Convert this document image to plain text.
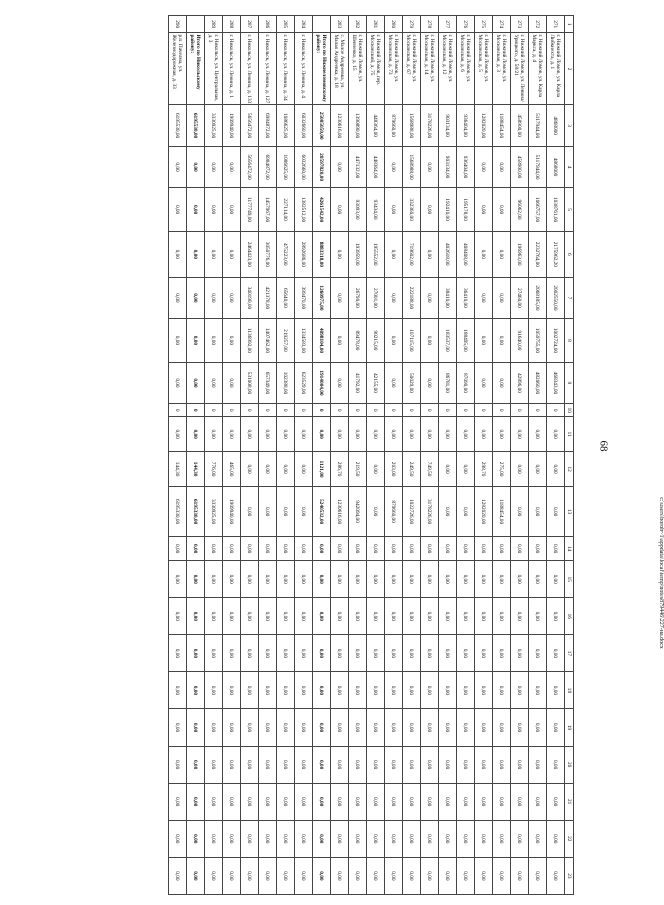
68
c:\users\borob~1\appdata\local\temp\notes879446\227-на.docx
1	2	3	4	5	6	7	8	9	10	11	12	13	14	15	16	17	18	19	20	21	22	23
271	г. Нижний Ломов, ул. Карла Либкнехта, д. 1	4868000	4868000	1038761,00	2175962,20	2002550,00	1002724,00	468343,00	0	0,00	0,00	0,00	0,00	0,00	0,00	0,00	0,00	0,00	0,00	0,00	0,00	0,00
272	г. Нижний Ломов, ул. Карла Маркса, д. 4	5117944,00	5117944,00	1066757,00	2232764,00	2068185,00	1059755,00	482060,00	0	0,00	0,00	0,00	0,00	0,00	0,00	0,00	0,00	0,00	0,00	0,00	0,00	0,00
273	г. Нижний Ломов, ул. Ленина/Урицкого, д. 58/21	458900,00	458900,00	96062,00	196963,00	27460,00	91640,00	42896,00	0	0,00	0,00	0,00	0,00	0,00	0,00	0,00	0,00	0,00	0,00	0,00	0,00	0,00
274	г. Нижний Ломов, ул. Московская, д. 3	1188454,00	0,00	0,00	0,00	0,00	0,00	0,00	0	0,00	275,00	1188454,00	0,00	0,00	0,00	0,00	0,00	0,00	0,00	0,00	0,00	0,00
275	г. Нижний Ломов, ул. Московская, д. 5	1282020,00	0,00	0,00	0,00	0,00	0,00	0,00	0	0,00	298,70	1282020,00	0,00	0,00	0,00	0,00	0,00	0,00	0,00	0,00	0,00	0,00
276	г. Нижний Ломов, ул. Московская, д. 6	936404,00	936404,00	195178,00	408408,00	36410,00	188495,00	87090,00	0	0,00	0,00	0,00	0,00	0,00	0,00	0,00	0,00	0,00	0,00	0,00	0,00	0,00
277	г. Нижний Ломов, ул. Московская, д. 12	903134,00	903134,00	192410,00	402618,00	38410,00	183537,00	86781,00	0	0,00	0,00	0,00	0,00	0,00	0,00	0,00	0,00	0,00	0,00	0,00	0,00	0,00
278	г. Нижний Ломов, ул. Московская, д. 14	3178226,00	0,00	0,00	0,00	0,00	0,00	0,00	0	0,00	749,50	3178226,00	0,00	0,00	0,00	0,00	0,00	0,00	0,00	0,00	0,00	0,00
279	г. Нижний Ломов, ул. Московская, д. 67	1568988,00	1568988,00	332360,00	719602,00	222188,00	107115,00	50029,00	0	0,00	249,50	1022726,00	0,00	0,00	0,00	0,00	0,00	0,00	0,00	0,00	0,00	0,00
280	г. Нижний Ломов, ул. Московская, д. 73	879660,00	0,00	0,00	0,00	0,00	0,00	0,00	0	0,00	203,00	879660,00	0,00	0,00	0,00	0,00	0,00	0,00	0,00	0,00	0,00	0,00
281	г. Нижний Ломов, пер. Московский, д. 75	448364,00	448364,00	93434,00	195552,00	27001,00	90215,00	42155,00	0	0,00	0,00	0,00	0,00	0,00	0,00	0,00	0,00	0,00	0,00	0,00	0,00	0,00
282	г. Нижний Ломов, ул. Шевченко, д. 15	1390890,00	447132,00	93093,00	193959,00	26790,00	89478,00	41792,00	0	0,00	219,50	942094,00	0,00	0,00	0,00	0,00	0,00	0,00	0,00	0,00	0,00	0,00
283	с. Малое Андреевка, ул. Малая Андреевка, д. 18	1230616,00	0,00	0,00	0,00	0,00	0,00	0,00	0	0,00	286,70	1230616,00	0,00	0,00	0,00	0,00	0,00	0,00	0,00	0,00	0,00	0,00
	Итого по Нижнеломовскому району:	25005050,00	20597820,00	4261542,00	8883318,00	1260975,00	4098104,00	1914004,00	0	0,00	1121,00	5240532,00	0,00	0,00	0,00	0,00	0,00	0,00	0,00	0,00	0,00	0,00
284	г. Никольск, ул. Ленина, д. 4	6032660,00	6032660,00	1382512,00	2892686,00	399470,00	1334583,00	623529,00	0	0,00	0,00	0,00	0,00	0,00	0,00	0,00	0,00	0,00	0,00	0,00	0,00	0,00
285	г. Никольск, ул. Ленина, д. 34	1086625,00	1086625,00	227114,00	475223,00	65640,00	219257,00	102388,00	0	0,00	0,00	0,00	0,00	0,00	0,00	0,00	0,00	0,00	0,00	0,00	0,00	0,00
286	г. Никольск, ул. Ленина, д. 127	6984872,00	6984872,00	1457967,00	3050776,00	421378,00	1407462,00	657349,00	0	0,00	0,00	0,00	0,00	0,00	0,00	0,00	0,00	0,00	0,00	0,00	0,00	0,00
287	г. Никольск, ул. Ленина, д. 133	5656472,00	5656472,00	1177749,00	2464423,00	340190,00	1136992,00	531008,00	0	0,00	0,00	0,00	0,00	0,00	0,00	0,00	0,00	0,00	0,00	0,00	0,00	0,00
288	г. Никольск, ул. Ленина, д. 1	1909940,00	0,00	0,00	0,00	0,00	0,00	0,00	0	0,00	465,00	1909940,00	0,00	0,00	0,00	0,00	0,00	0,00	0,00	0,00	0,00	0,00
289	г. Никольск, ул. Центральная, д. 3	3330925,00	0,00	0,00	0,00	0,00	0,00	0,00	0	0,00	776,00	3330925,00	0,00	0,00	0,00	0,00	0,00	0,00	0,00	0,00	0,00	0,00
	Итого по Никольскому району:	6195530,00	0,00	0,00	0,00	0,00	0,00	0,00	0	0,00	144,30	6195330,00	0,00	0,00	0,00	0,00	0,00	0,00	0,00	0,00	0,00	0,00
290	р.п. Пачелма, ул. Железнодорожная, д. 33	6195530,00	0,00	0,00	0,00	0,00	0,00	0,00	0	0,00	144,30	6195330,00	0,00	0,00	0,00	0,00	0,00	0,00	0,00	0,00	0,00	0,00
